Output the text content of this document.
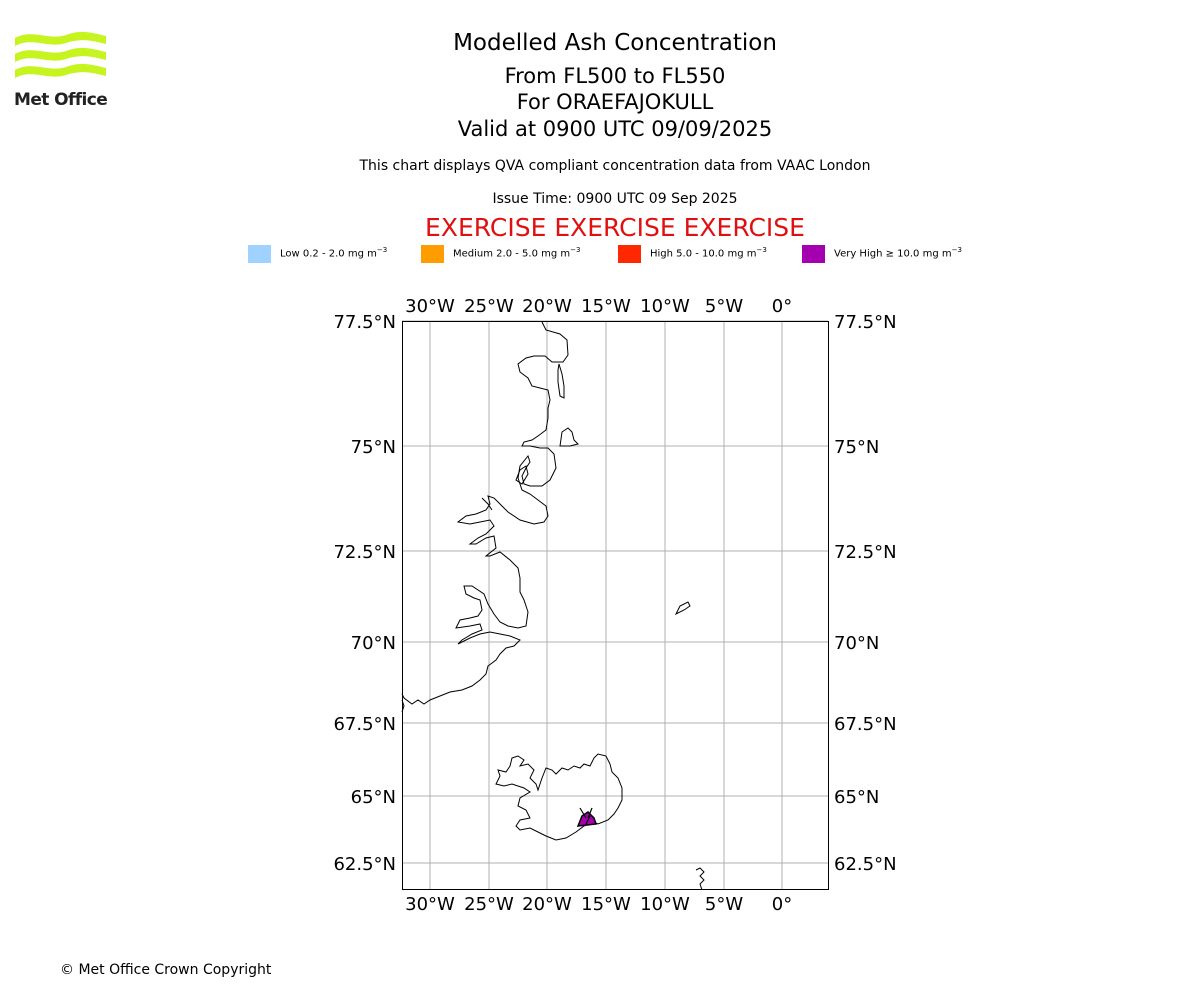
Met Office
Modelled Ash Concentration
From FL500 to FL550
For ORAEFAJOKULL
Valid at 0900 UTC 09/09/2025
This chart displays QVA compliant concentration data from VAAC London
Issue Time: 0900 UTC 09 Sep 2025
EXERCISE EXERCISE EXERCISE
Low 0.2 - 2.0 mg $m^{-3}$	Medium 2.0 - 5.0 mg $m^{-3}$	High 5.0 - 10.0 mg $m^{-3}$	Very High ≥ 10.0 mg $m^{-3}$
30°W 25°W 20°W 15°W 10°W 5°W 0°
30°W 25°W 20°W 15°W 10°W 5°W 0°
77.5°N
75°N
72.5°N
70°N
67.5°N
65°N
62.5°N
77.5°N
75°N
72.5°N
70°N
67.5°N
65°N
62.5°N
© Met Office Crown Copyright
